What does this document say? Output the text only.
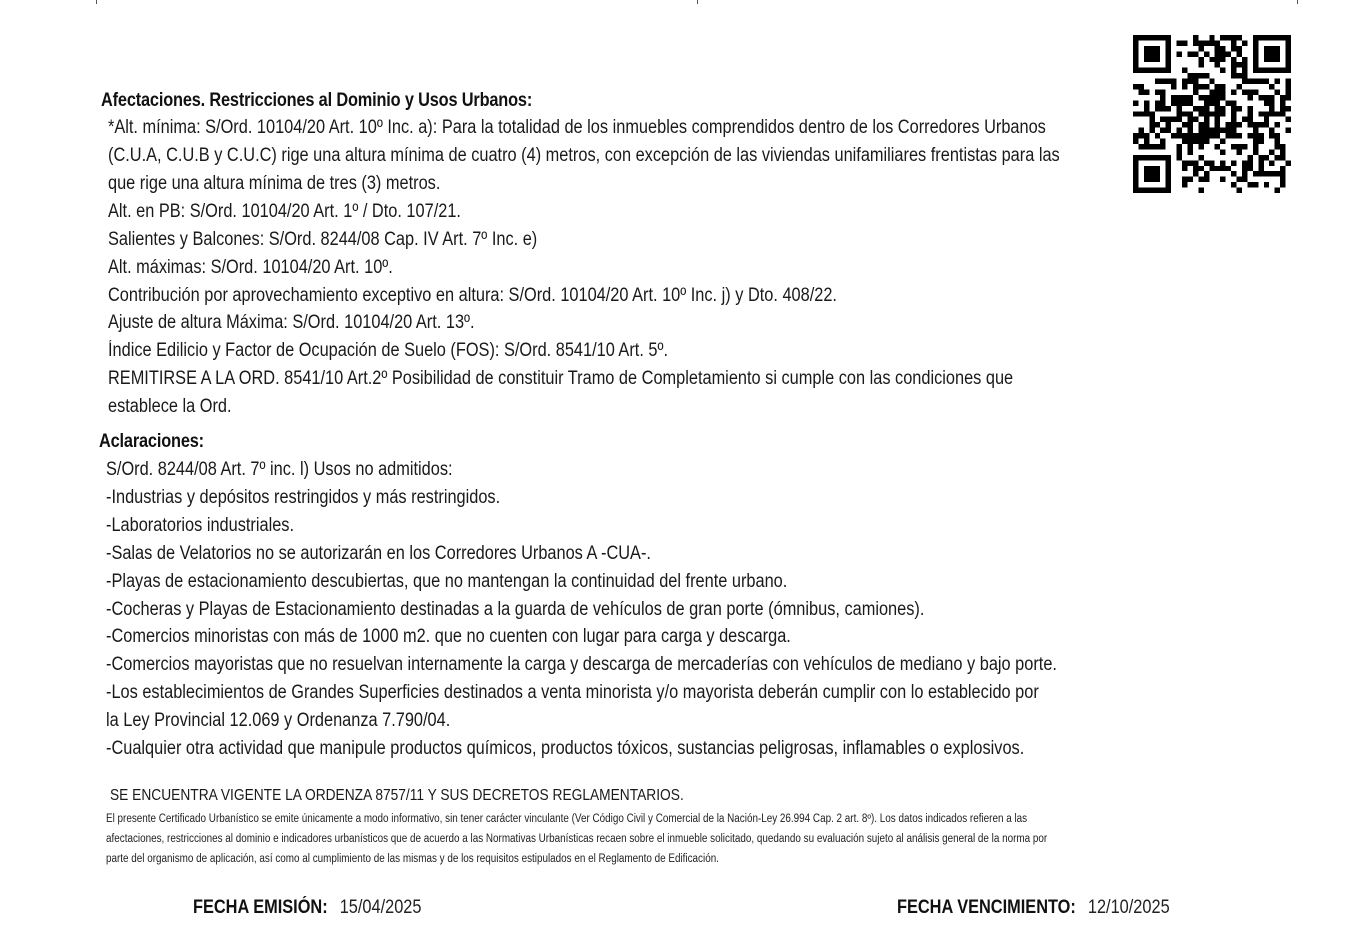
Afectaciones. Restricciones al Dominio y Usos Urbanos:
*Alt. mínima: S/Ord. 10104/20 Art. 10º Inc. a): Para la totalidad de los inmuebles comprendidos dentro de los Corredores Urbanos
(C.U.A, C.U.B y C.U.C) rige una altura mínima de cuatro (4) metros, con excepción de las viviendas unifamiliares frentistas para las
que rige una altura mínima de tres (3) metros.
Alt. en PB: S/Ord. 10104/20 Art. 1º / Dto. 107/21.
Salientes y Balcones: S/Ord. 8244/08 Cap. IV Art. 7º Inc. e)
Alt. máximas: S/Ord. 10104/20 Art. 10º.
Contribución por aprovechamiento exceptivo en altura: S/Ord. 10104/20 Art. 10º Inc. j) y Dto. 408/22.
Ajuste de altura Máxima: S/Ord. 10104/20 Art. 13º.
Índice Edilicio y Factor de Ocupación de Suelo (FOS): S/Ord. 8541/10 Art. 5º.
REMITIRSE A LA ORD. 8541/10 Art.2º Posibilidad de constituir Tramo de Completamiento si cumple con las condiciones que
establece la Ord.
Aclaraciones:
S/Ord. 8244/08 Art. 7º inc. l) Usos no admitidos:
-Industrias y depósitos restringidos y más restringidos.
-Laboratorios industriales.
-Salas de Velatorios no se autorizarán en los Corredores Urbanos A -CUA-.
-Playas de estacionamiento descubiertas, que no mantengan la continuidad del frente urbano.
-Cocheras y Playas de Estacionamiento destinadas a la guarda de vehículos de gran porte (ómnibus, camiones).
-Comercios minoristas con más de 1000 m2. que no cuenten con lugar para carga y descarga.
-Comercios mayoristas que no resuelvan internamente la carga y descarga de mercaderías con vehículos de mediano y bajo porte.
-Los establecimientos de Grandes Superficies destinados a venta minorista y/o mayorista deberán cumplir con lo establecido por
la Ley Provincial 12.069 y Ordenanza 7.790/04.
-Cualquier otra actividad que manipule productos químicos, productos tóxicos, sustancias peligrosas, inflamables o explosivos.
SE ENCUENTRA VIGENTE LA ORDENZA 8757/11 Y SUS DECRETOS REGLAMENTARIOS.
El presente Certificado Urbanístico se emite únicamente a modo informativo, sin tener carácter vinculante (Ver Código Civil y Comercial de la Nación-Ley 26.994 Cap. 2 art. 8º). Los datos indicados refieren a las
afectaciones, restricciones al dominio e indicadores urbanísticos que de acuerdo a las Normativas Urbanísticas recaen sobre el inmueble solicitado, quedando su evaluación sujeto al análisis general de la norma por
parte del organismo de aplicación, así como al cumplimiento de las mismas y de los requisitos estipulados en el Reglamento de Edificación.
FECHA EMISIÓN: 15/04/2025	FECHA VENCIMIENTO: 12/10/2025
